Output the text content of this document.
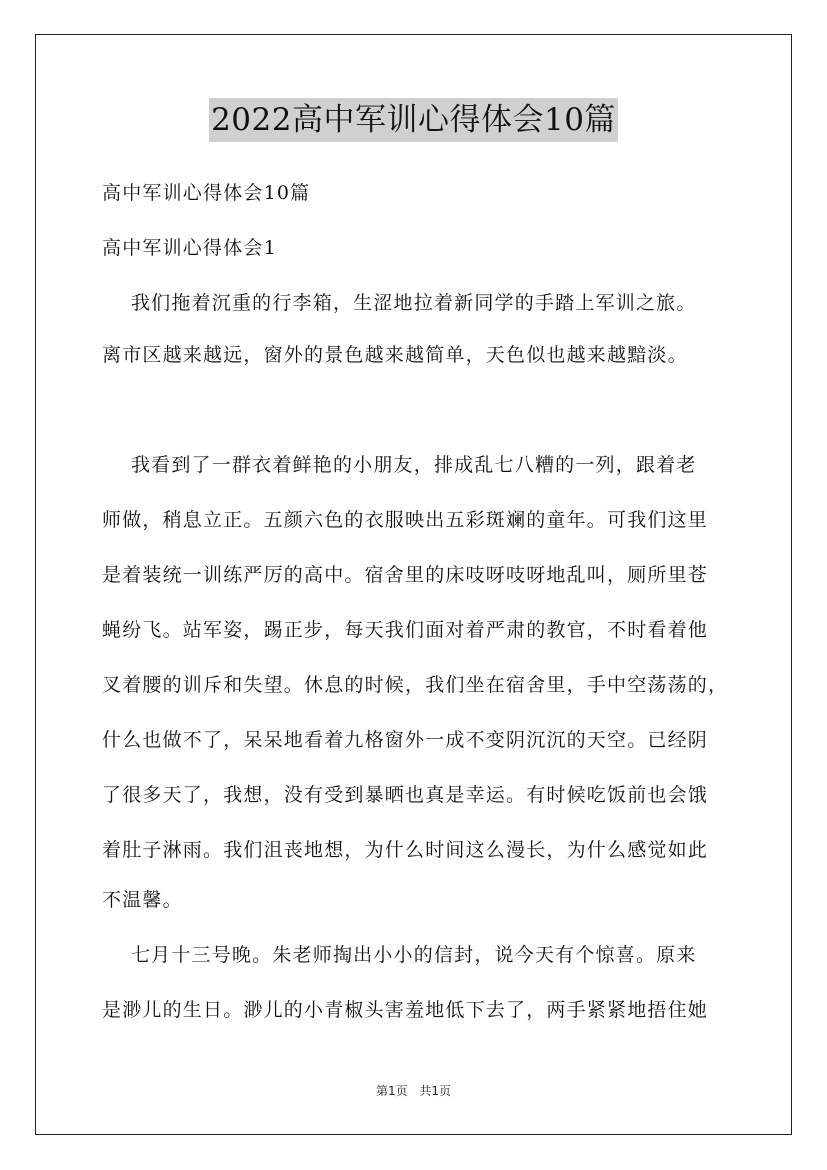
2022高中军训心得体会10篇
高中军训心得体会10篇
高中军训心得体会1
我们拖着沉重的行李箱，生涩地拉着新同学的手踏上军训之旅。
离市区越来越远，窗外的景色越来越简单，天色似也越来越黯淡。
我看到了一群衣着鲜艳的小朋友，排成乱七八糟的一列，跟着老
师做，稍息立正。五颜六色的衣服映出五彩斑斓的童年。可我们这里
是着装统一训练严厉的高中。宿舍里的床吱呀吱呀地乱叫，厕所里苍
蝇纷飞。站军姿，踢正步，每天我们面对着严肃的教官，不时看着他
叉着腰的训斥和失望。休息的时候，我们坐在宿舍里，手中空荡荡的，
什么也做不了，呆呆地看着九格窗外一成不变阴沉沉的天空。已经阴
了很多天了，我想，没有受到暴晒也真是幸运。有时候吃饭前也会饿
着肚子淋雨。我们沮丧地想，为什么时间这么漫长，为什么感觉如此
不温馨。
七月十三号晚。朱老师掏出小小的信封，说今天有个惊喜。原来
是渺儿的生日。渺儿的小青椒头害羞地低下去了，两手紧紧地捂住她
第1页 共1页
